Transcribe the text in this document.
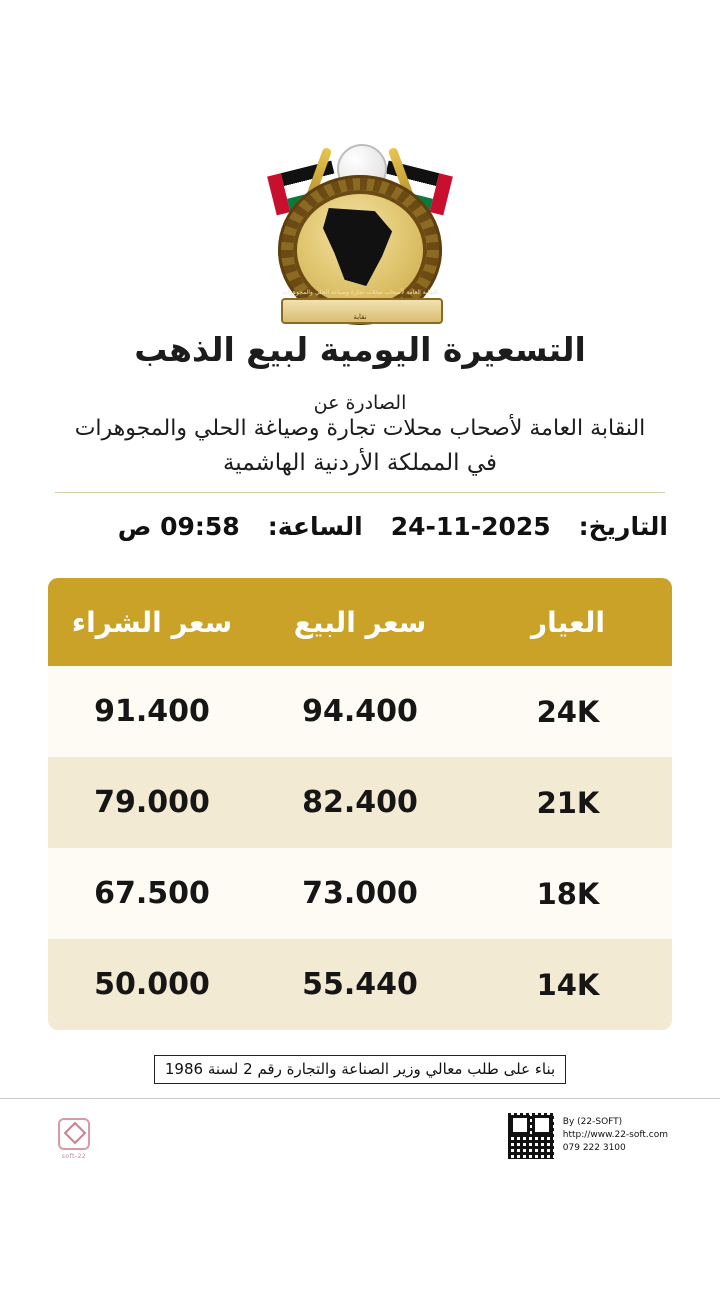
النقابة العامة لأصحاب محلات تجارة وصياغة الحلي والمجوهرات
نقابة
التسعيرة اليومية لبيع الذهب
الصادرة عن
النقابة العامة لأصحاب محلات تجارة وصياغة الحلي والمجوهرات
في المملكة الأردنية الهاشمية
التاريخ:
24-11-2025
الساعة:
09:58 ص
العيار
سعر البيع
سعر الشراء
24K
94.400
91.400
21K
82.400
79.000
18K
73.000
67.500
14K
55.440
50.000
بناء على طلب معالي وزير الصناعة والتجارة رقم 2 لسنة 1986
22-soft
By (22-SOFT)
http://www.22-soft.com
079 222 3100
